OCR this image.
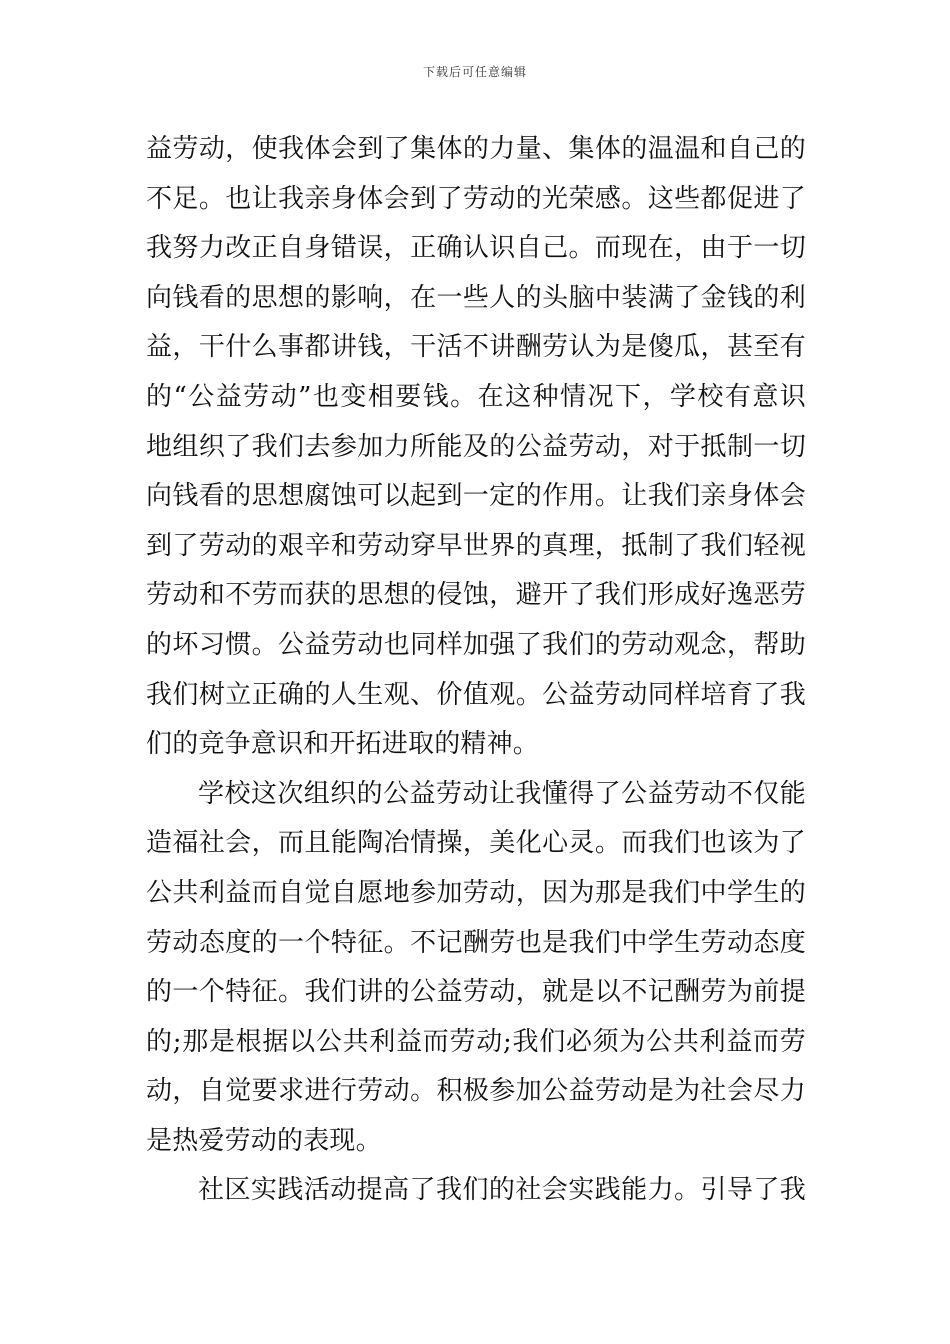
下载后可任意编辑
益劳动，使我体会到了集体的力量、集体的温温和自己的
不足。也让我亲身体会到了劳动的光荣感。这些都促进了
我努力改正自身错误，正确认识自己。而现在，由于一切
向钱看的思想的影响，在一些人的头脑中装满了金钱的利
益，干什么事都讲钱，干活不讲酬劳认为是傻瓜，甚至有
的“公益劳动”也变相要钱。在这种情况下，学校有意识
地组织了我们去参加力所能及的公益劳动，对于抵制一切
向钱看的思想腐蚀可以起到一定的作用。让我们亲身体会
到了劳动的艰辛和劳动穿早世界的真理，抵制了我们轻视
劳动和不劳而获的思想的侵蚀，避开了我们形成好逸恶劳
的坏习惯。公益劳动也同样加强了我们的劳动观念，帮助
我们树立正确的人生观、价值观。公益劳动同样培育了我
们的竞争意识和开拓进取的精神。
学校这次组织的公益劳动让我懂得了公益劳动不仅能
造福社会，而且能陶冶情操，美化心灵。而我们也该为了
公共利益而自觉自愿地参加劳动，因为那是我们中学生的
劳动态度的一个特征。不记酬劳也是我们中学生劳动态度
的一个特征。我们讲的公益劳动，就是以不记酬劳为前提
的;那是根据以公共利益而劳动;我们必须为公共利益而劳
动，自觉要求进行劳动。积极参加公益劳动是为社会尽力
是热爱劳动的表现。
社区实践活动提高了我们的社会实践能力。引导了我
